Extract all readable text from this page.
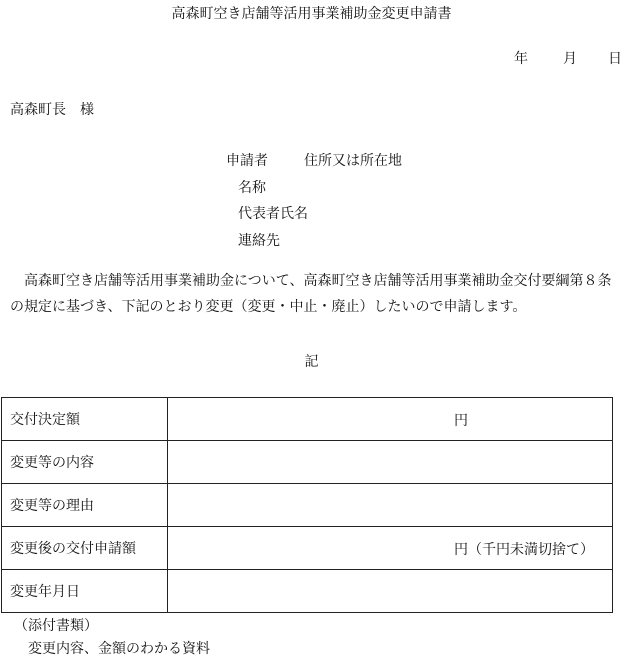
高森町空き店舗等活用事業補助金変更申請書
年	月 日
高森町長　様
申請者	住所又は所在地
名称
代表者氏名
連絡先
高森町空き店舗等活用事業補助金について、高森町空き店舗等活用事業補助金交付要綱第８条の規定に基づき、下記のとおり変更（変更・中止・廃止）したいので申請します。
記
交付決定額	円

変更等の内容	
変更等の理由	
変更後の交付申請額	円（千円未満切捨て）

変更年月日	
（添付書類）
変更内容、金額のわかる資料
